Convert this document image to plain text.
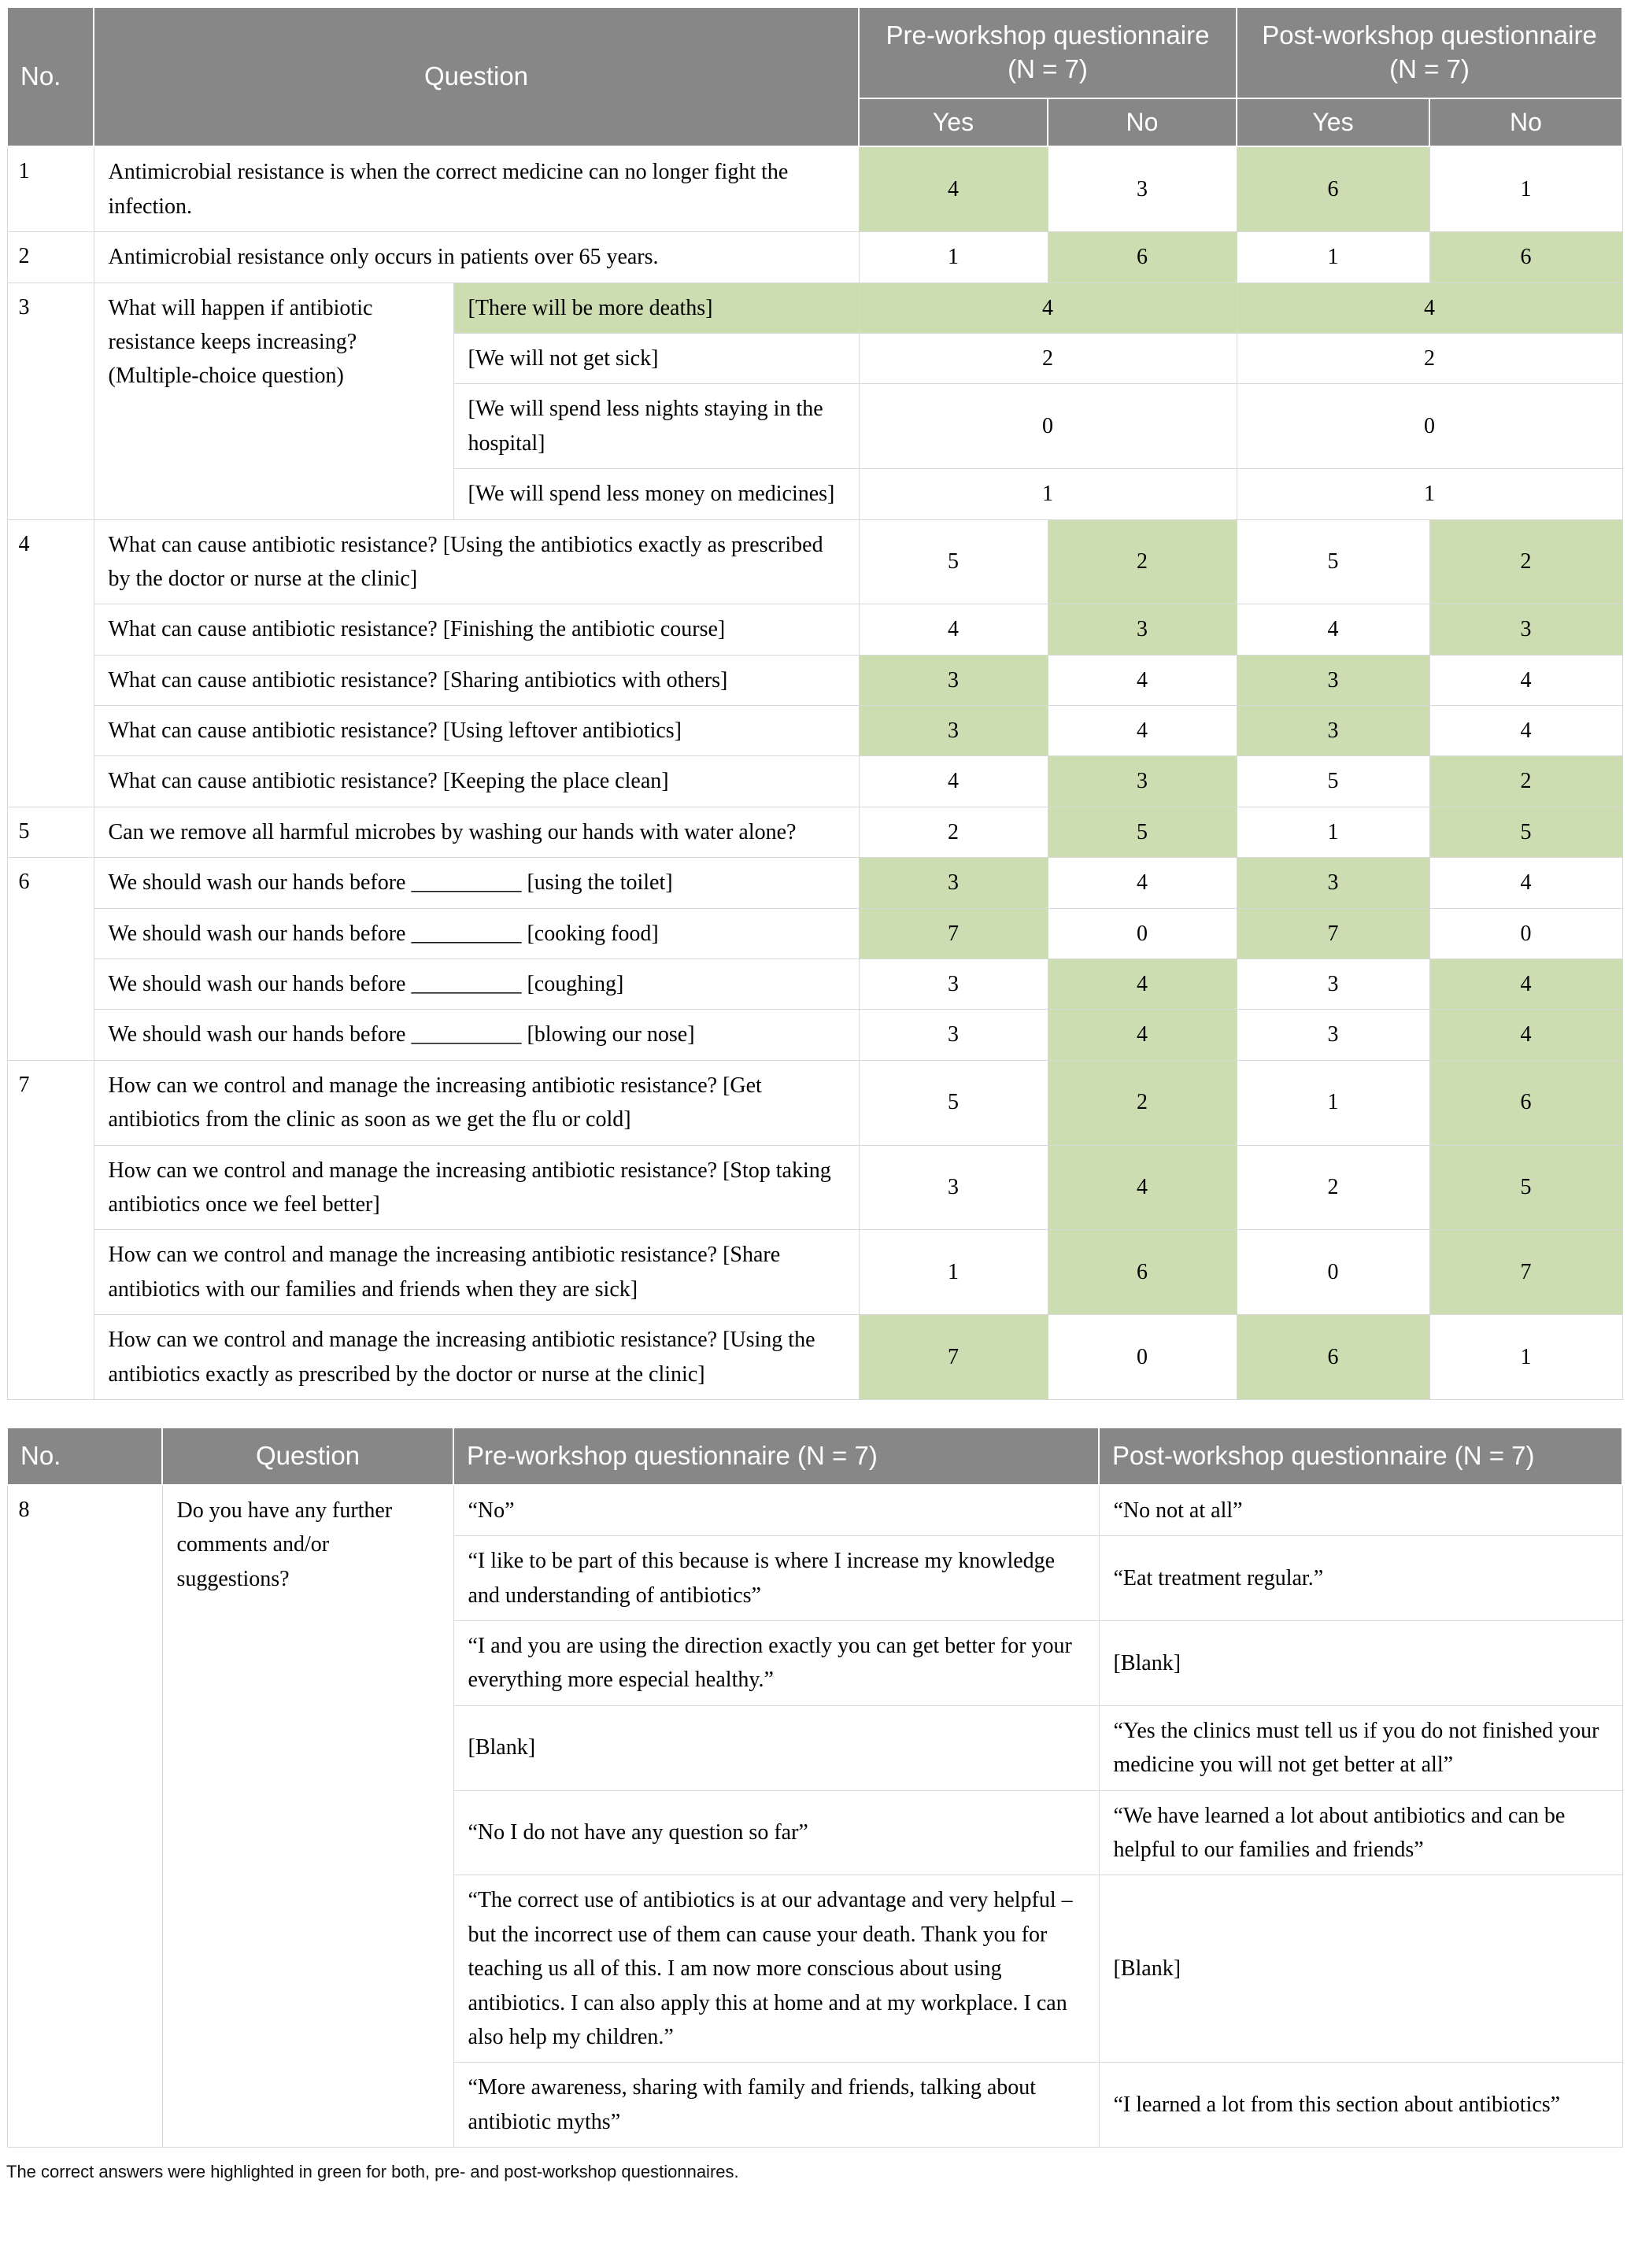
No.	Question		Pre-workshop questionnaire (N = 7)		Post-workshop questionnaire (N = 7)	
			Yes	No	Yes	No
1	Antimicrobial resistance is when the correct medicine can no longer fight the infection.		4	3	6	1
2	Antimicrobial resistance only occurs in patients over 65 years.		1	6	1	6
3	What will happen if antibiotic resistance keeps increasing? (Multiple-choice question)	[There will be more deaths]	4		4	
		[We will not get sick]	2		2	
		[We will spend less nights staying in the hospital]	0		0	
		[We will spend less money on medicines]	1		1	
4	What can cause antibiotic resistance? [Using the antibiotics exactly as prescribed by the doctor or nurse at the clinic]		5	2	5	2
	What can cause antibiotic resistance? [Finishing the antibiotic course]		4	3	4	3
	What can cause antibiotic resistance? [Sharing antibiotics with others]		3	4	3	4
	What can cause antibiotic resistance? [Using leftover antibiotics]		3	4	3	4
	What can cause antibiotic resistance? [Keeping the place clean]		4	3	5	2
5	Can we remove all harmful microbes by washing our hands with water alone?		2	5	1	5
6	We should wash our hands before __________ [using the toilet]		3	4	3	4
	We should wash our hands before __________ [cooking food]		7	0	7	0
	We should wash our hands before __________ [coughing]		3	4	3	4
	We should wash our hands before __________ [blowing our nose]		3	4	3	4
7	How can we control and manage the increasing antibiotic resistance? [Get antibiotics from the clinic as soon as we get the flu or cold]		5	2	1	6
	How can we control and manage the increasing antibiotic resistance? [Stop taking antibiotics once we feel better]		3	4	2	5
	How can we control and manage the increasing antibiotic resistance? [Share antibiotics with our families and friends when they are sick]		1	6	0	7
	How can we control and manage the increasing antibiotic resistance? [Using the antibiotics exactly as prescribed by the doctor or nurse at the clinic]		7	0	6	1
No.	Question	Pre-workshop questionnaire (N = 7)	Post-workshop questionnaire (N = 7)
8	Do you have any further comments and/or suggestions?	“No”	“No not at all”
		“I like to be part of this because is where I increase my knowledge and understanding of antibiotics”	“Eat treatment regular.”
		“I and you are using the direction exactly you can get better for your everything more especial healthy.”	[Blank]
		[Blank]	“Yes the clinics must tell us if you do not finished your medicine you will not get better at all”
		“No I do not have any question so far”	“We have learned a lot about antibiotics and can be helpful to our families and friends”
		“The correct use of antibiotics is at our advantage and very helpful – but the incorrect use of them can cause your death. Thank you for teaching us all of this. I am now more conscious about using antibiotics. I can also apply this at home and at my workplace. I can also help my children.”	[Blank]
		“More awareness, sharing with family and friends, talking about antibiotic myths”	“I learned a lot from this section about antibiotics”
The correct answers were highlighted in green for both, pre- and post-workshop questionnaires.
